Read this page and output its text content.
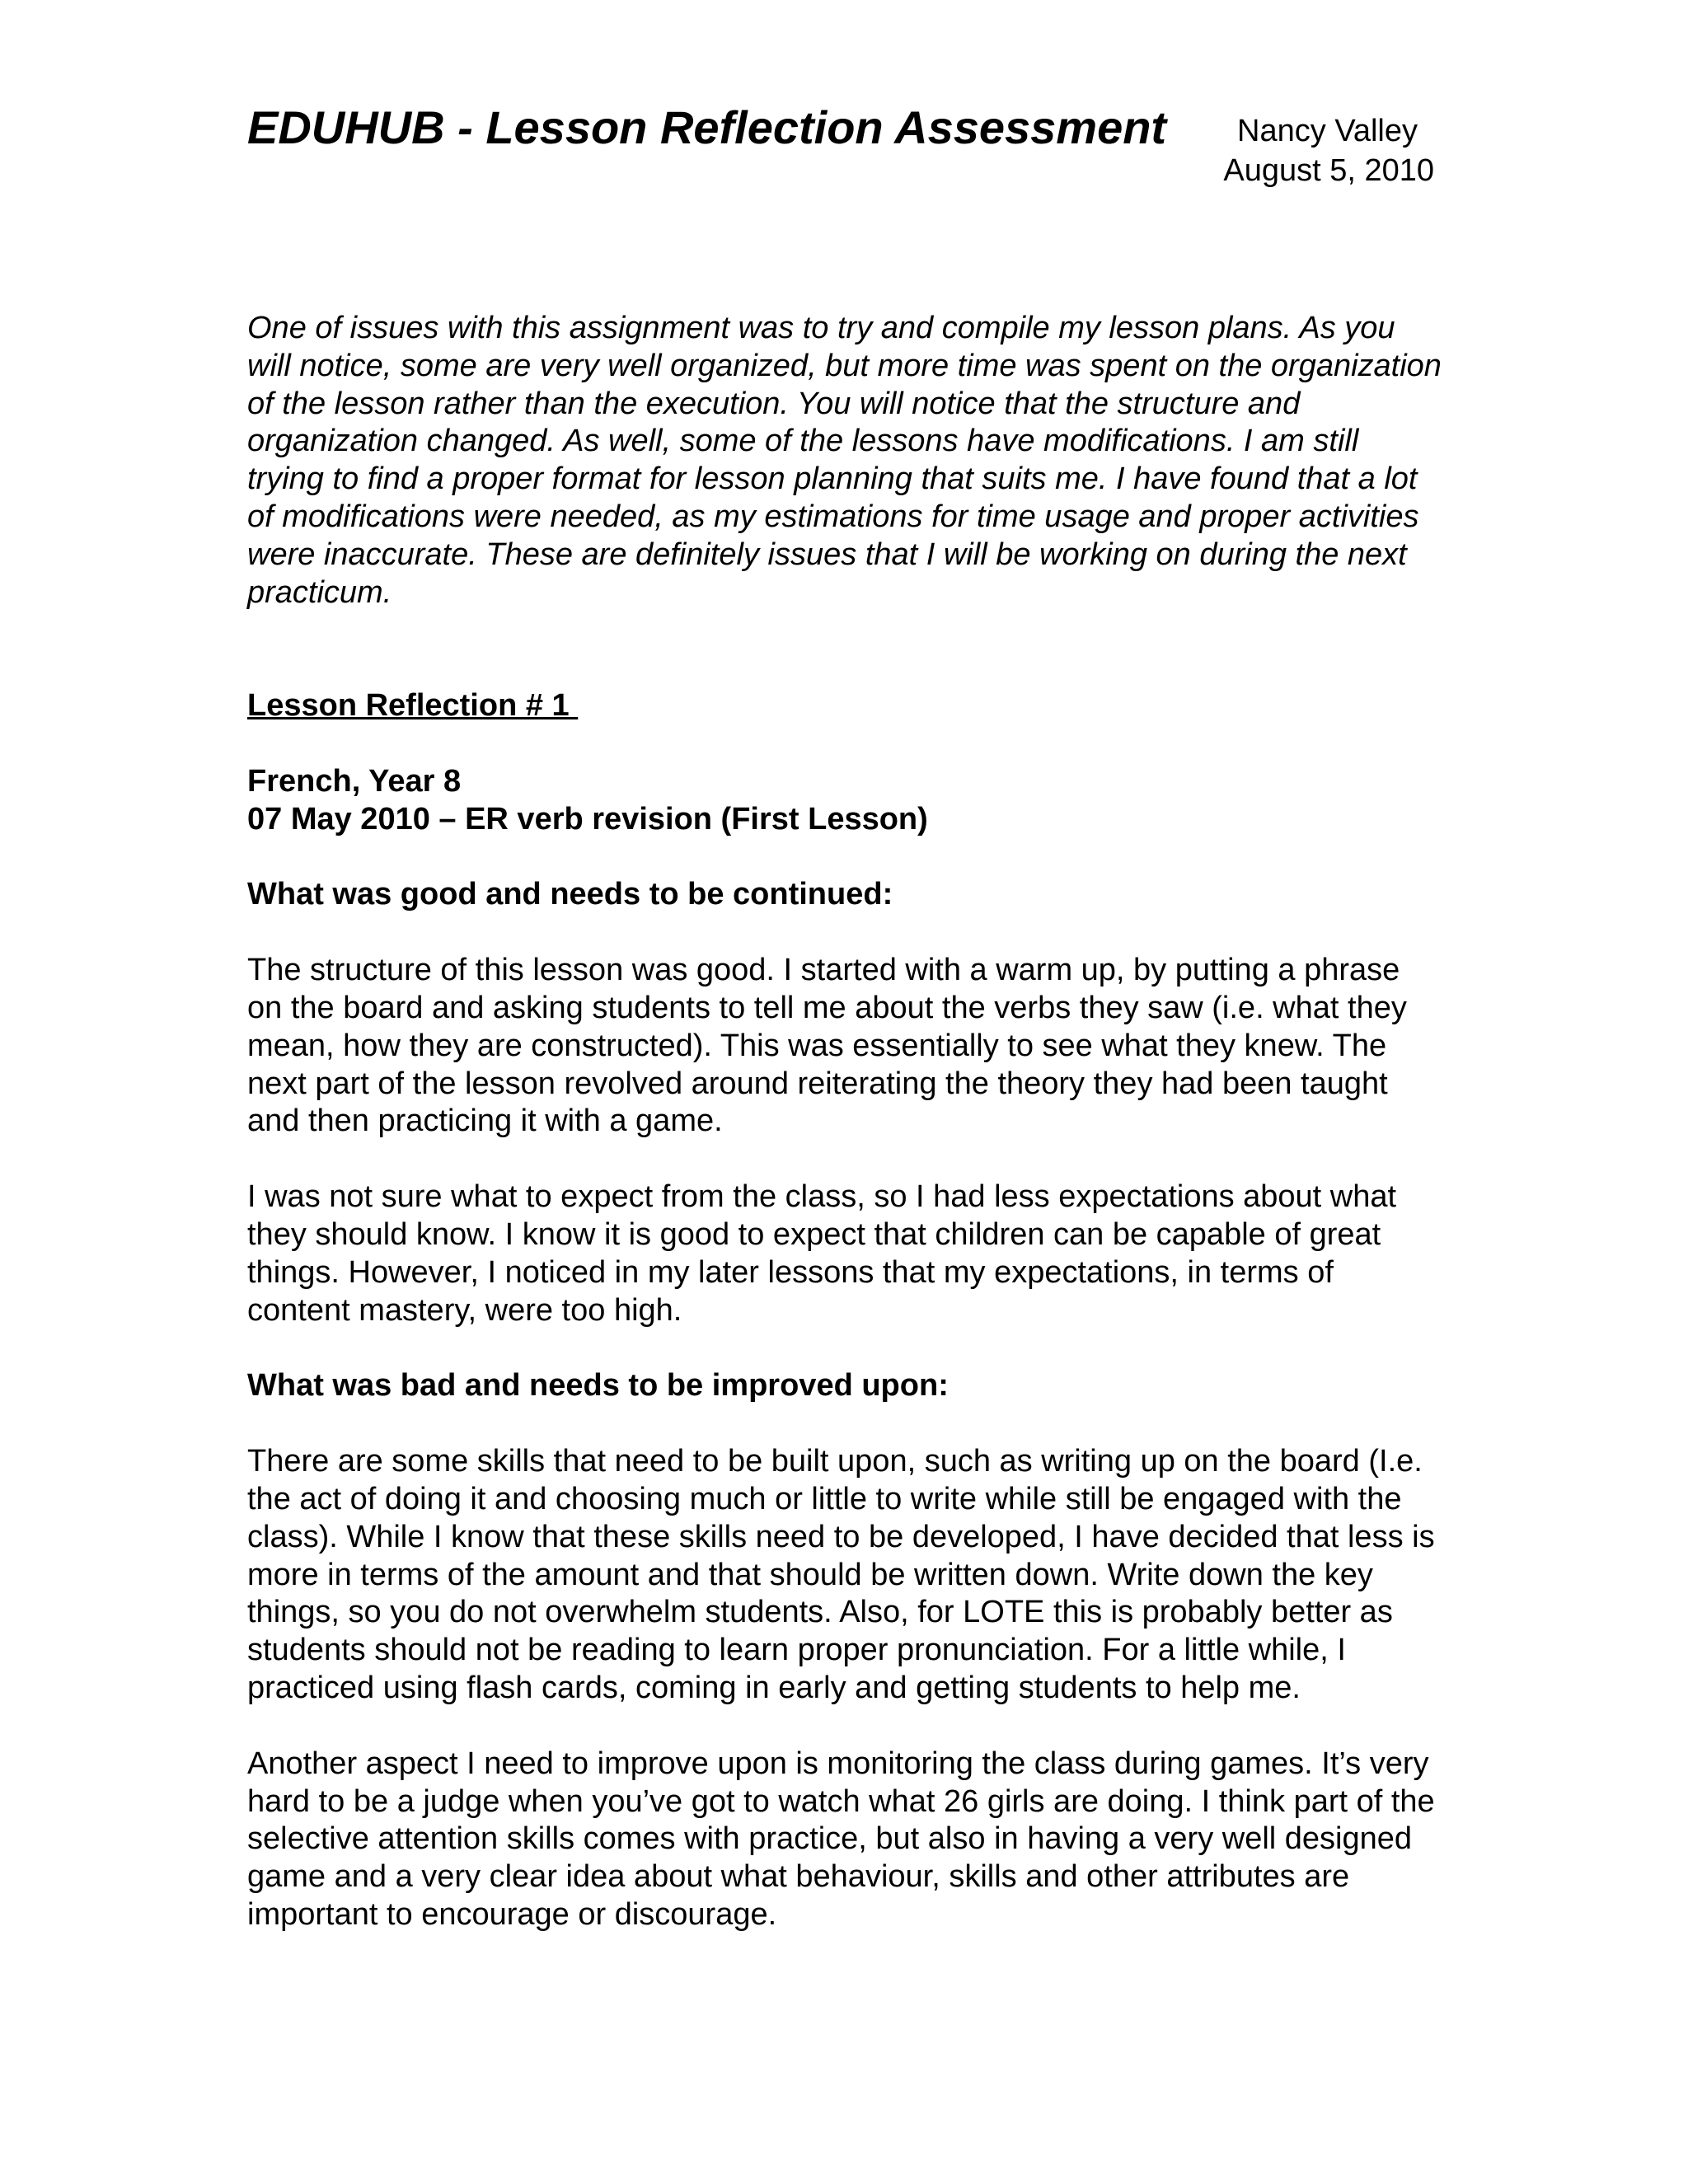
EDUHUB - Lesson Reflection Assessment	Nancy Valley
August 5, 2010

One of issues with this assignment was to try and compile my lesson plans. As you will notice, some are very well organized, but more time was spent on the organization of the lesson rather than the execution. You will notice that the structure and organization changed. As well, some of the lessons have modifications. I am still trying to find a proper format for lesson planning that suits me. I have found that a lot of modifications were needed, as my estimations for time usage and proper activities were inaccurate. These are definitely issues that I will be working on during the next practicum.

Lesson Reflection # 1

French, Year 8

07 May 2010 – ER verb revision (First Lesson)

What was good and needs to be continued:

The structure of this lesson was good. I started with a warm up, by putting a phrase on the board and asking students to tell me about the verbs they saw (i.e. what they mean, how they are constructed). This was essentially to see what they knew. The next part of the lesson revolved around reiterating the theory they had been taught and then practicing it with a game.

I was not sure what to expect from the class, so I had less expectations about what they should know. I know it is good to expect that children can be capable of great things. However, I noticed in my later lessons that my expectations, in terms of content mastery, were too high.

What was bad and needs to be improved upon:

There are some skills that need to be built upon, such as writing up on the board (I.e. the act of doing it and choosing much or little to write while still be engaged with the class). While I know that these skills need to be developed, I have decided that less is more in terms of the amount and that should be written down. Write down the key things, so you do not overwhelm students. Also, for LOTE this is probably better as students should not be reading to learn proper pronunciation. For a little while, I practiced using flash cards, coming in early and getting students to help me.

Another aspect I need to improve upon is monitoring the class during games. It’s very hard to be a judge when you’ve got to watch what 26 girls are doing. I think part of the selective attention skills comes with practice, but also in having a very well designed game and a very clear idea about what behaviour, skills and other attributes are important to encourage or discourage.
